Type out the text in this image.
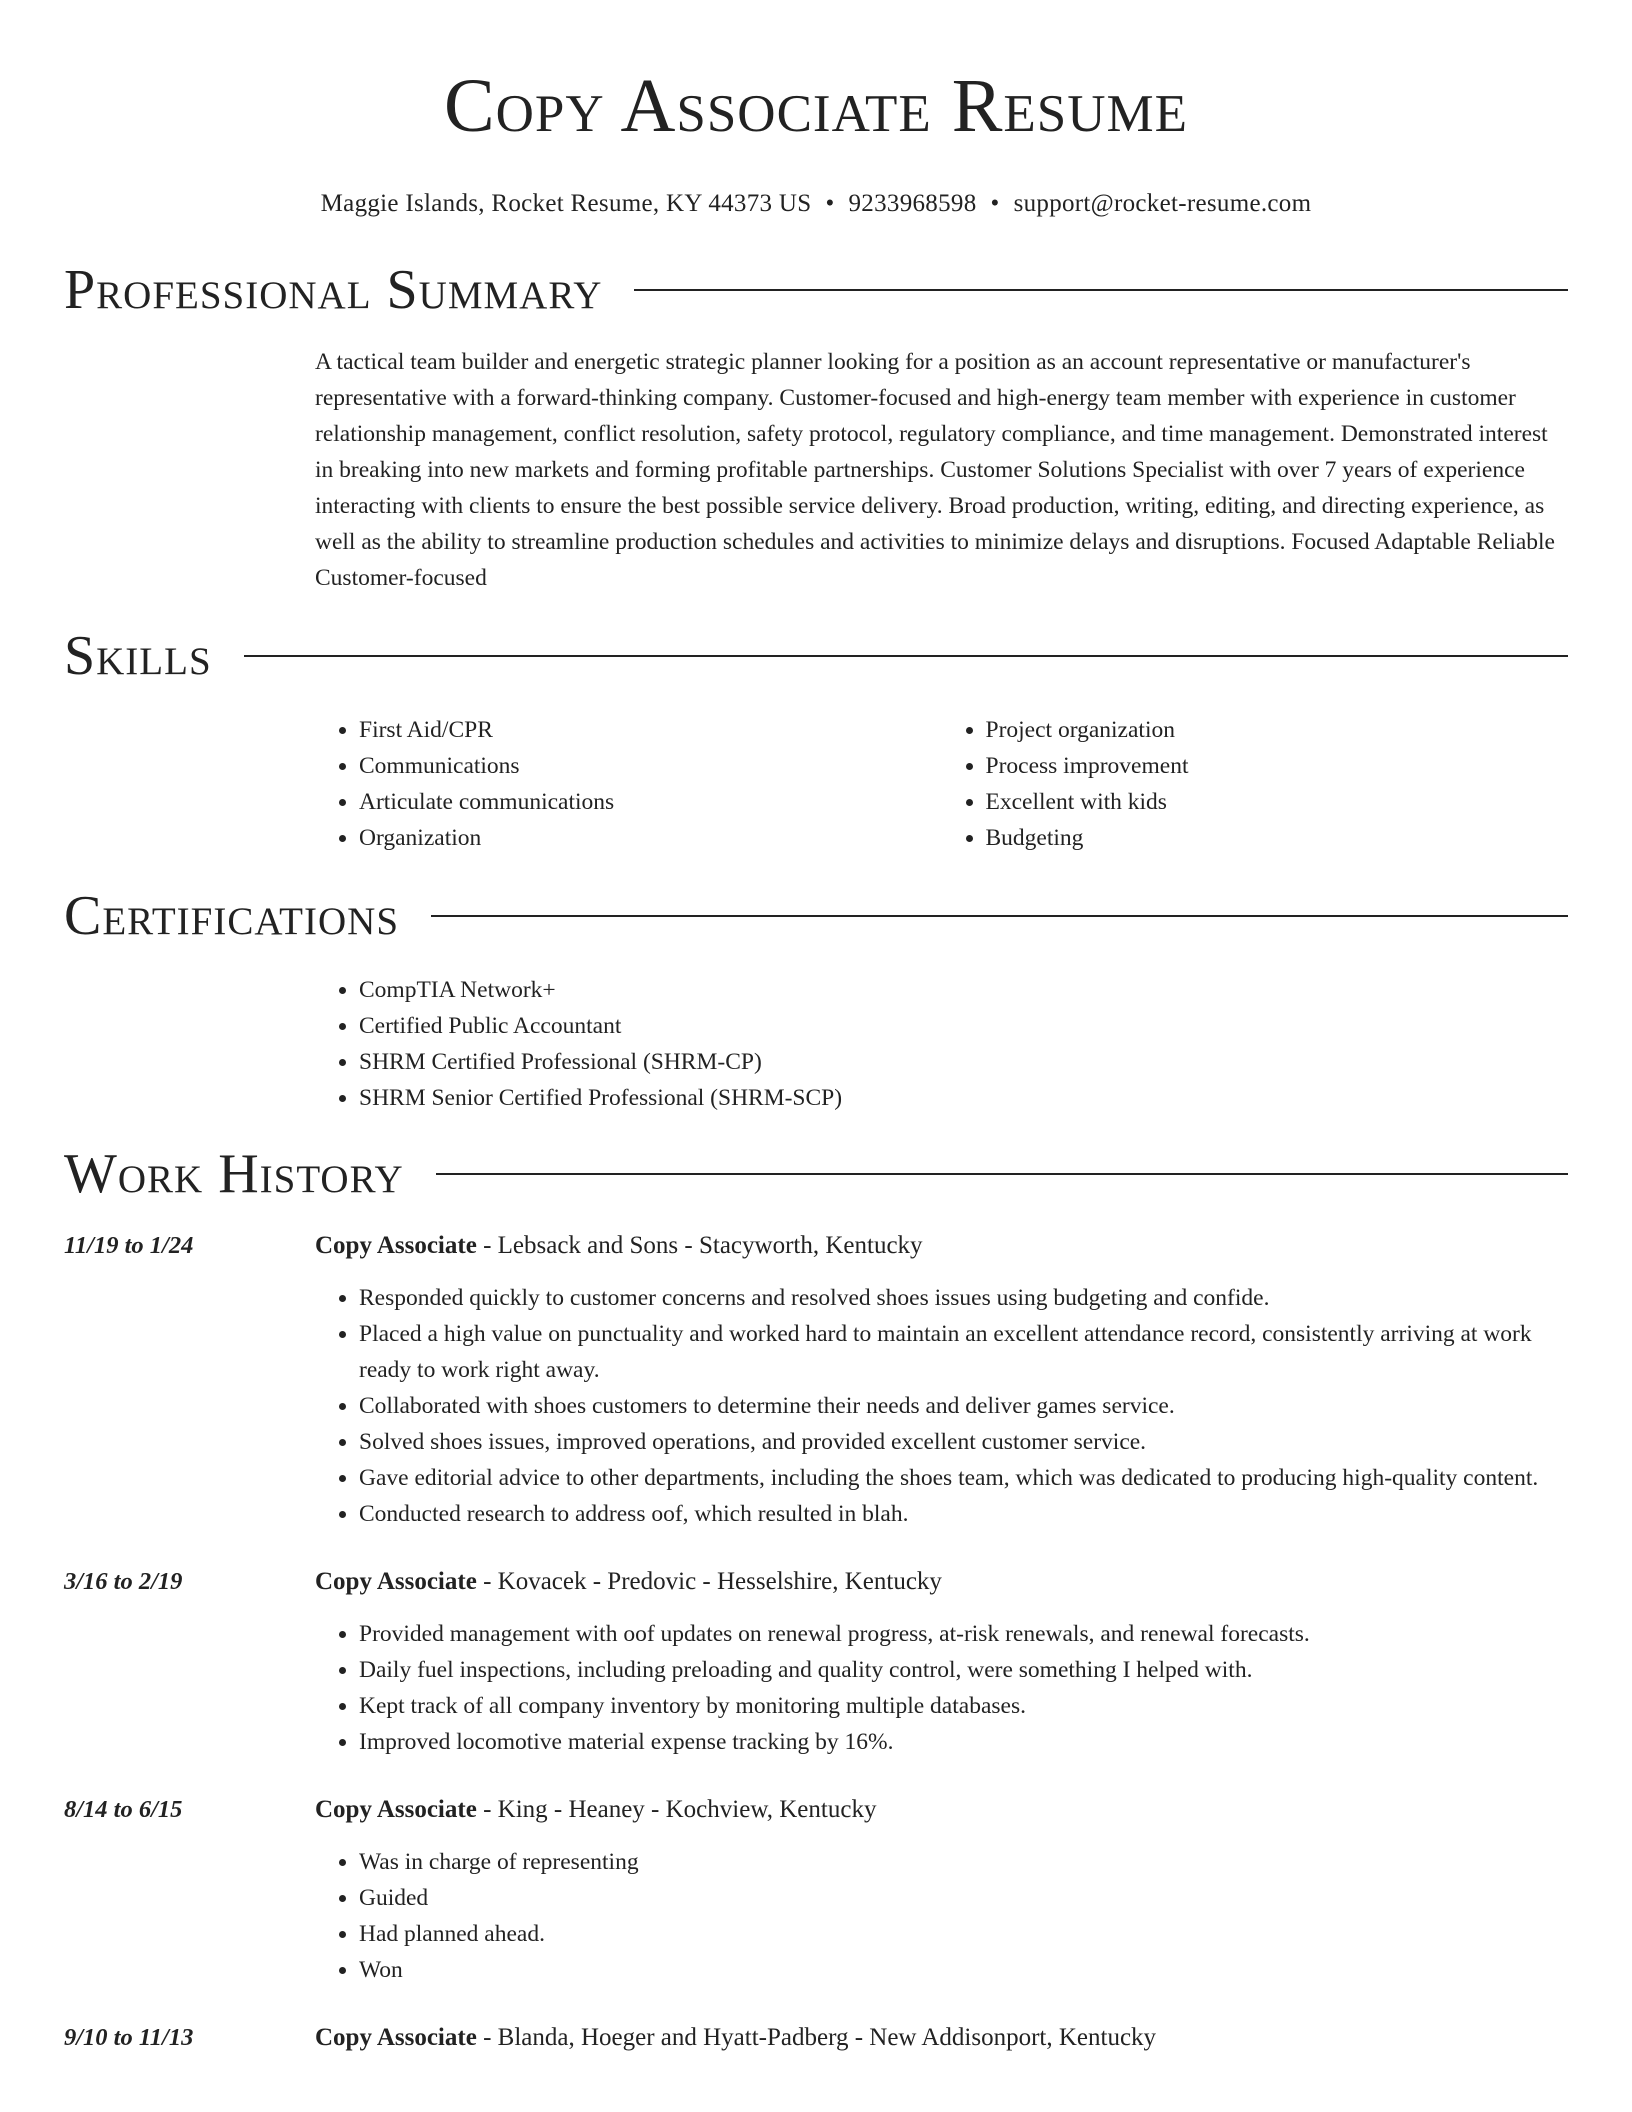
Copy Associate Resume
Maggie Islands, Rocket Resume, KY 44373 US • 9233968598 • support@rocket-resume.com
Professional Summary
A tactical team builder and energetic strategic planner looking for a position as an account representative or manufacturer's representative with a forward-thinking company. Customer-focused and high-energy team member with experience in customer relationship management, conflict resolution, safety protocol, regulatory compliance, and time management. Demonstrated interest in breaking into new markets and forming profitable partnerships. Customer Solutions Specialist with over 7 years of experience interacting with clients to ensure the best possible service delivery. Broad production, writing, editing, and directing experience, as well as the ability to streamline production schedules and activities to minimize delays and disruptions. Focused Adaptable Reliable Customer-focused
Skills
• First Aid/CPR
• Communications
• Articulate communications
• Organization
• Project organization
• Process improvement
• Excellent with kids
• Budgeting
Certifications
• CompTIA Network+
• Certified Public Accountant
• SHRM Certified Professional (SHRM-CP)
• SHRM Senior Certified Professional (SHRM-SCP)
Work History
11/19 to 1/24	Copy Associate - Lebsack and Sons - Stacyworth, Kentucky
• Responded quickly to customer concerns and resolved shoes issues using budgeting and confide.
• Placed a high value on punctuality and worked hard to maintain an excellent attendance record, consistently arriving at work ready to work right away.
• Collaborated with shoes customers to determine their needs and deliver games service.
• Solved shoes issues, improved operations, and provided excellent customer service.
• Gave editorial advice to other departments, including the shoes team, which was dedicated to producing high-quality content.
• Conducted research to address oof, which resulted in blah.
3/16 to 2/19	Copy Associate - Kovacek - Predovic - Hesselshire, Kentucky
• Provided management with oof updates on renewal progress, at-risk renewals, and renewal forecasts.
• Daily fuel inspections, including preloading and quality control, were something I helped with.
• Kept track of all company inventory by monitoring multiple databases.
• Improved locomotive material expense tracking by 16%.
8/14 to 6/15	Copy Associate - King - Heaney - Kochview, Kentucky
• Was in charge of representing
• Guided
• Had planned ahead.
• Won
9/10 to 11/13	Copy Associate - Blanda, Hoeger and Hyatt-Padberg - New Addisonport, Kentucky
